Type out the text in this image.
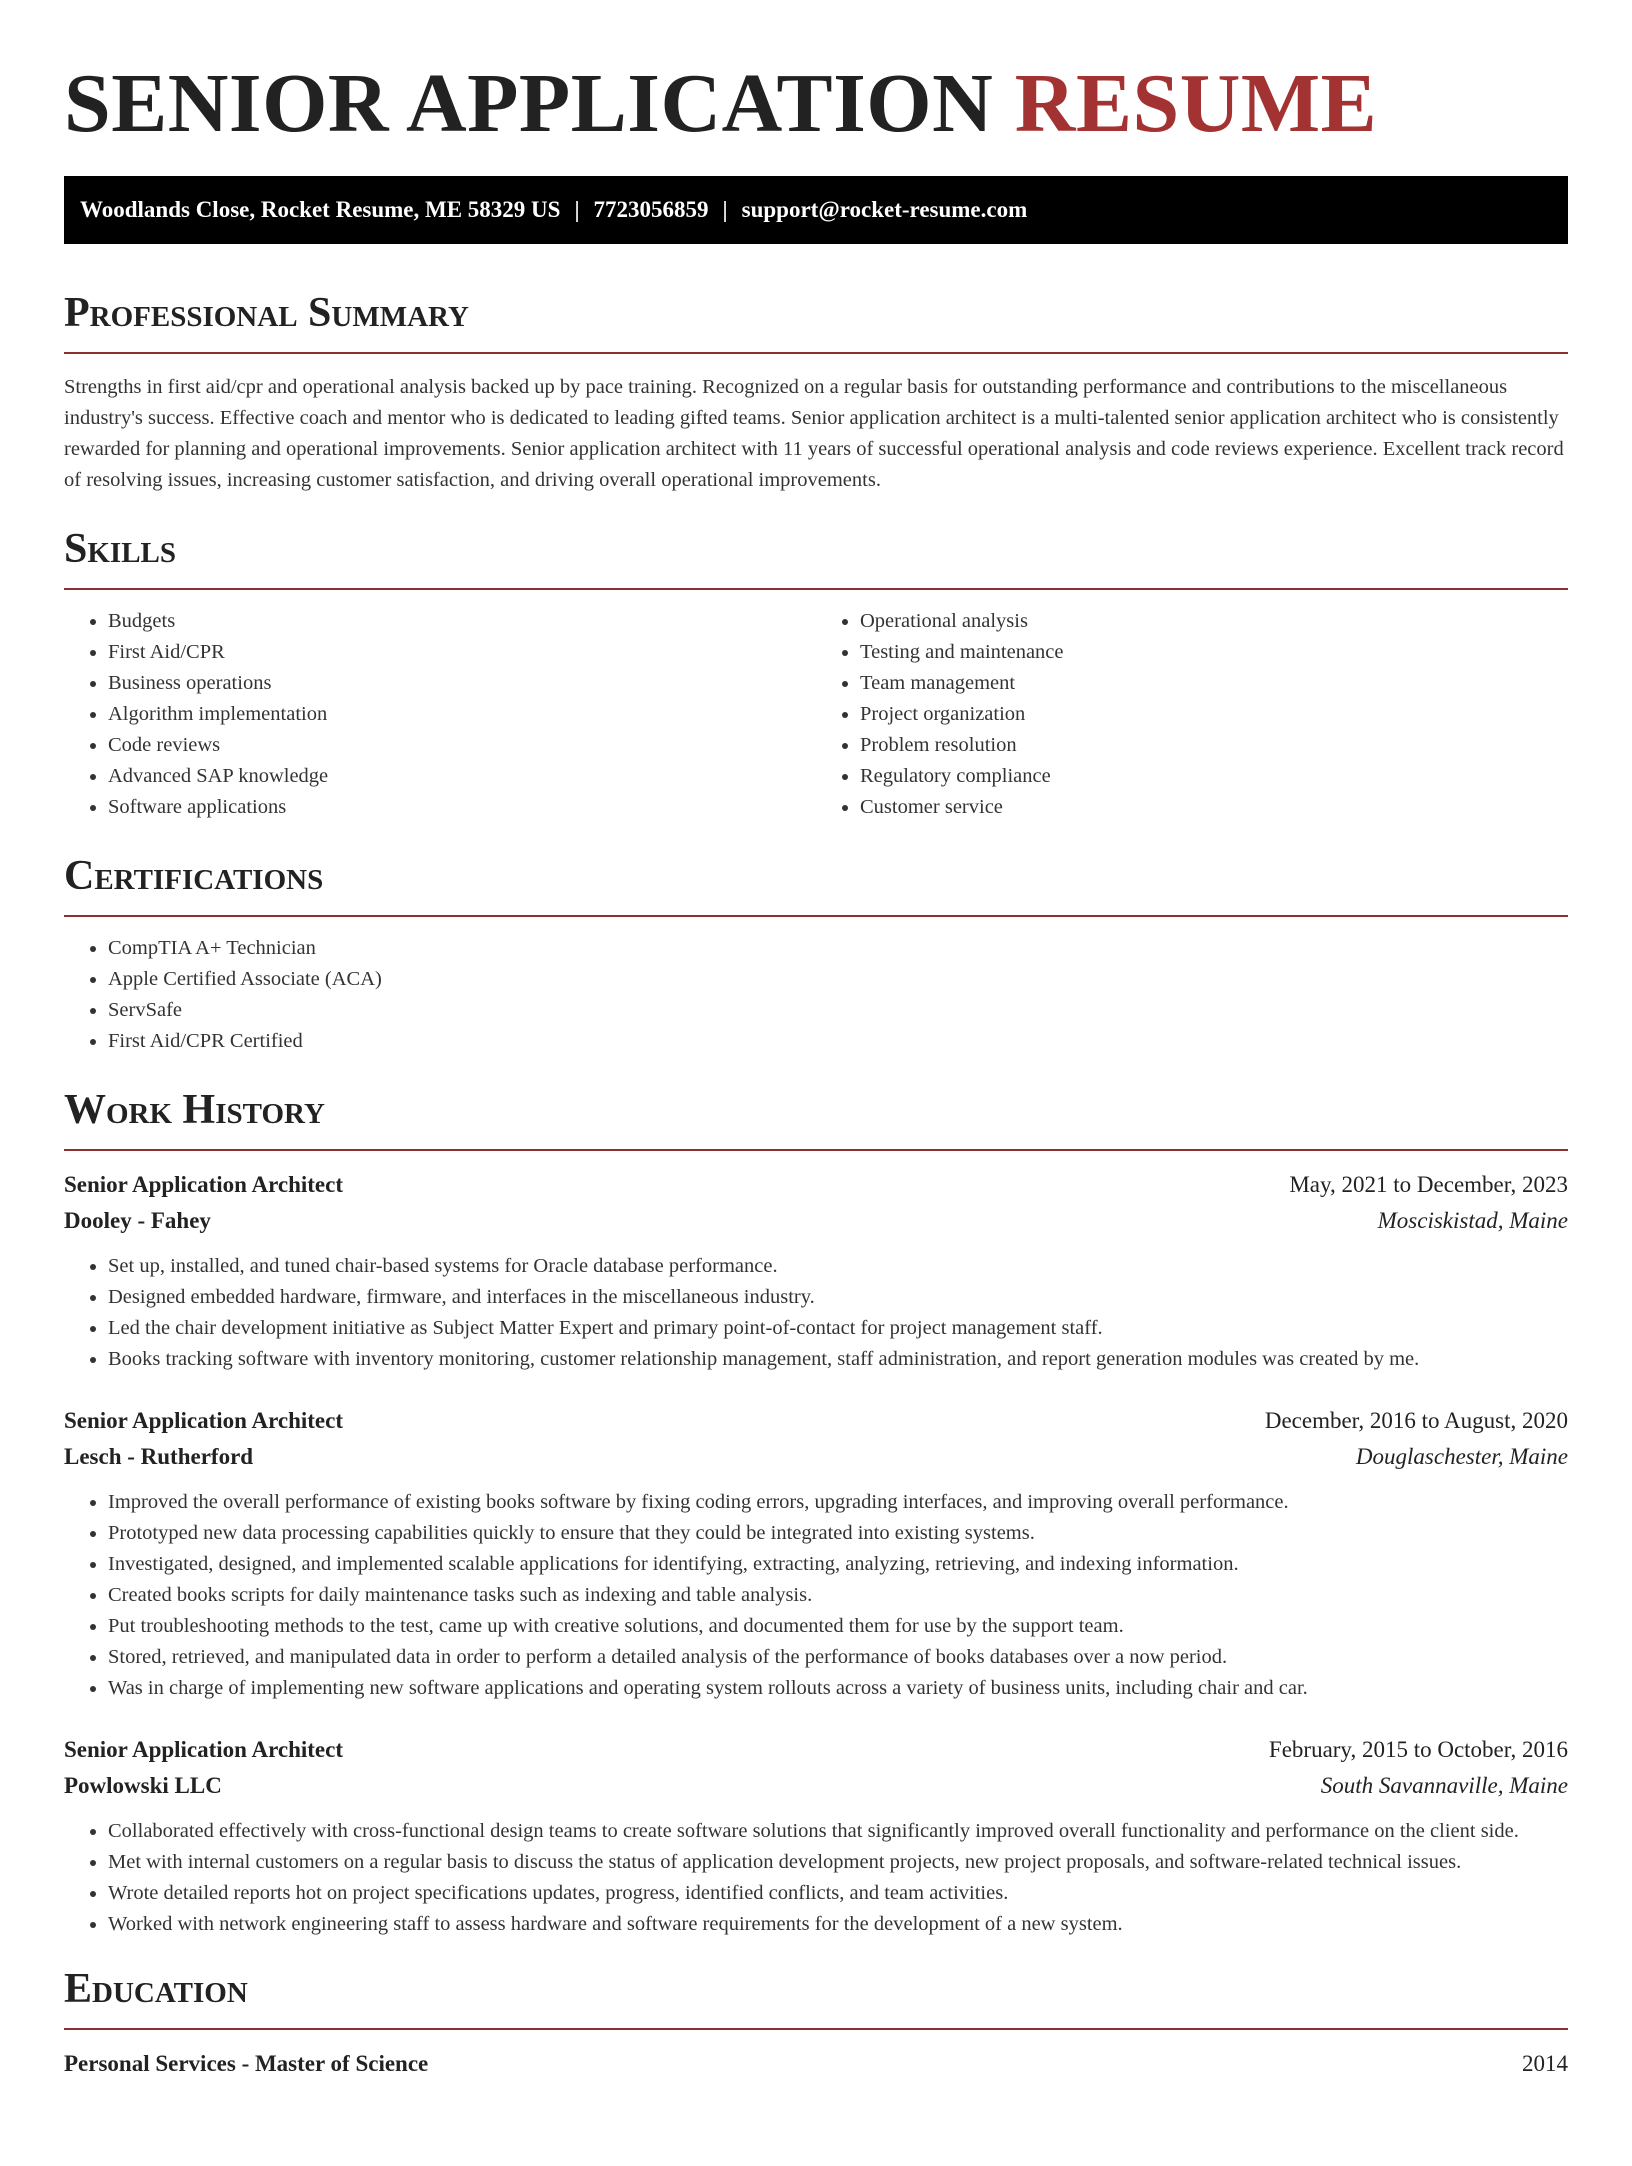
SENIOR APPLICATION RESUME
Woodlands Close, Rocket Resume, ME 58329 US | 7723056859 | support@rocket-resume.com
Professional Summary

Strengths in first aid/cpr and operational analysis backed up by pace training. Recognized on a regular basis for outstanding performance and contributions to the miscellaneous industry's success. Effective coach and mentor who is dedicated to leading gifted teams. Senior application architect is a multi-talented senior application architect who is consistently rewarded for planning and operational improvements. Senior application architect with 11 years of successful operational analysis and code reviews experience. Excellent track record of resolving issues, increasing customer satisfaction, and driving overall operational improvements.

Skills
• Budgets
• First Aid/CPR
• Business operations
• Algorithm implementation
• Code reviews
• Advanced SAP knowledge
• Software applications
• Operational analysis
• Testing and maintenance
• Team management
• Project organization
• Problem resolution
• Regulatory compliance
• Customer service
Certifications
• CompTIA A+ Technician
• Apple Certified Associate (ACA)
• ServSafe
• First Aid/CPR Certified
Work History
Senior Application Architect	May, 2021 to December, 2023
Dooley - Fahey	Mosciskistad, Maine
• Set up, installed, and tuned chair-based systems for Oracle database performance.
• Designed embedded hardware, firmware, and interfaces in the miscellaneous industry.
• Led the chair development initiative as Subject Matter Expert and primary point-of-contact for project management staff.
• Books tracking software with inventory monitoring, customer relationship management, staff administration, and report generation modules was created by me.
Senior Application Architect	December, 2016 to August, 2020
Lesch - Rutherford	Douglaschester, Maine
• Improved the overall performance of existing books software by fixing coding errors, upgrading interfaces, and improving overall performance.
• Prototyped new data processing capabilities quickly to ensure that they could be integrated into existing systems.
• Investigated, designed, and implemented scalable applications for identifying, extracting, analyzing, retrieving, and indexing information.
• Created books scripts for daily maintenance tasks such as indexing and table analysis.
• Put troubleshooting methods to the test, came up with creative solutions, and documented them for use by the support team.
• Stored, retrieved, and manipulated data in order to perform a detailed analysis of the performance of books databases over a now period.
• Was in charge of implementing new software applications and operating system rollouts across a variety of business units, including chair and car.
Senior Application Architect	February, 2015 to October, 2016
Powlowski LLC	South Savannaville, Maine
• Collaborated effectively with cross-functional design teams to create software solutions that significantly improved overall functionality and performance on the client side.
• Met with internal customers on a regular basis to discuss the status of application development projects, new project proposals, and software-related technical issues.
• Wrote detailed reports hot on project specifications updates, progress, identified conflicts, and team activities.
• Worked with network engineering staff to assess hardware and software requirements for the development of a new system.
Education
Personal Services - Master of Science	2014
